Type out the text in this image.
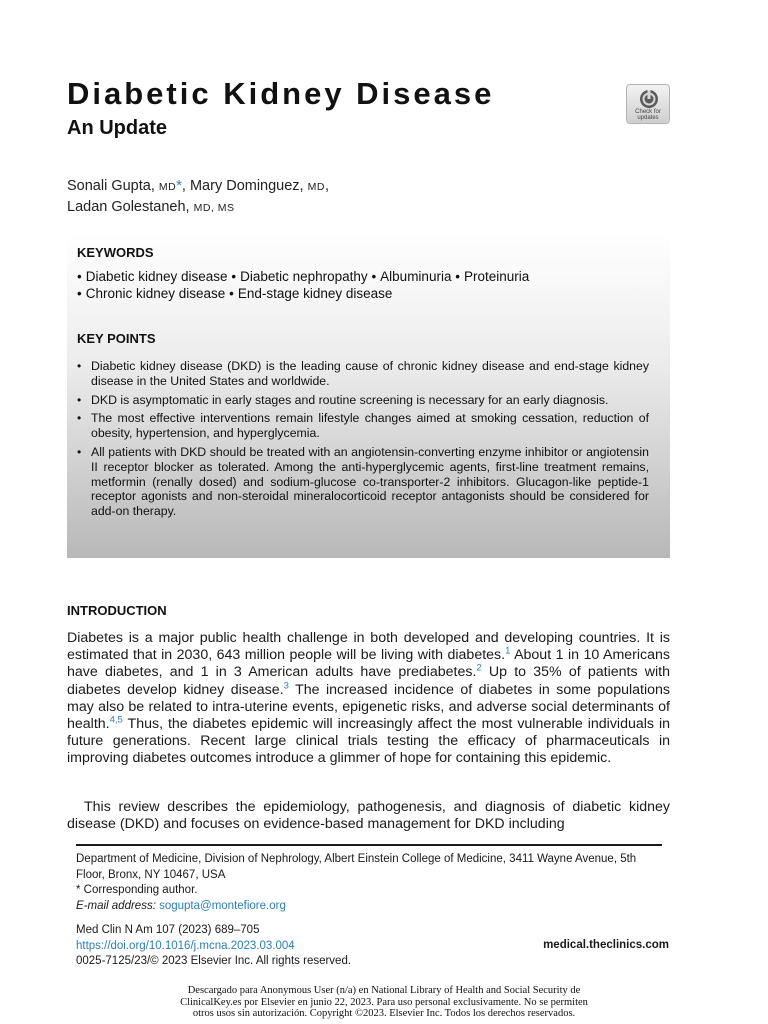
Diabetic Kidney Disease
An Update
Check for
updates
Sonali Gupta, MD*, Mary Dominguez, MD,
Ladan Golestaneh, MD, MS
KEYWORDS
• Diabetic kidney disease • Diabetic nephropathy • Albuminuria • Proteinuria
• Chronic kidney disease • End-stage kidney disease
KEY POINTS
• Diabetic kidney disease (DKD) is the leading cause of chronic kidney disease and end-stage kidney disease in the United States and worldwide.
• DKD is asymptomatic in early stages and routine screening is necessary for an early diagnosis.
• The most effective interventions remain lifestyle changes aimed at smoking cessation, reduction of obesity, hypertension, and hyperglycemia.
• All patients with DKD should be treated with an angiotensin-converting enzyme inhibitor or angiotensin II receptor blocker as tolerated. Among the anti-hyperglycemic agents, first-line treatment remains, metformin (renally dosed) and sodium-glucose co-transporter-2 inhibitors. Glucagon-like peptide-1 receptor agonists and non-steroidal mineralocorticoid receptor antagonists should be considered for add-on therapy.
INTRODUCTION

Diabetes is a major public health challenge in both developed and developing countries. It is estimated that in 2030, 643 million people will be living with diabetes.$^1$ About 1 in 10 Americans have diabetes, and 1 in 3 American adults have prediabetes.$^2$ Up to 35% of patients with diabetes develop kidney disease.$^3$ The increased incidence of diabetes in some populations may also be related to intra-uterine events, epigenetic risks, and adverse social determinants of health.$^{4,5}$ Thus, the diabetes epidemic will increasingly affect the most vulnerable individuals in future generations. Recent large clinical trials testing the efficacy of pharmaceuticals in improving diabetes outcomes introduce a glimmer of hope for containing this epidemic.

This review describes the epidemiology, pathogenesis, and diagnosis of diabetic kidney disease (DKD) and focuses on evidence-based management for DKD including

Department of Medicine, Division of Nephrology, Albert Einstein College of Medicine, 3411 Wayne Avenue, 5th Floor, Bronx, NY 10467, USA
* Corresponding author.
E-mail address: sogupta@montefiore.org
Med Clin N Am 107 (2023) 689–705
https://doi.org/10.1016/j.mcna.2023.03.004
0025-7125/23/© 2023 Elsevier Inc. All rights reserved.
medical.theclinics.com
Descargado para Anonymous User (n/a) en National Library of Health and Social Security de
ClinicalKey.es por Elsevier en junio 22, 2023. Para uso personal exclusivamente. No se permiten
otros usos sin autorización. Copyright ©2023. Elsevier Inc. Todos los derechos reservados.
